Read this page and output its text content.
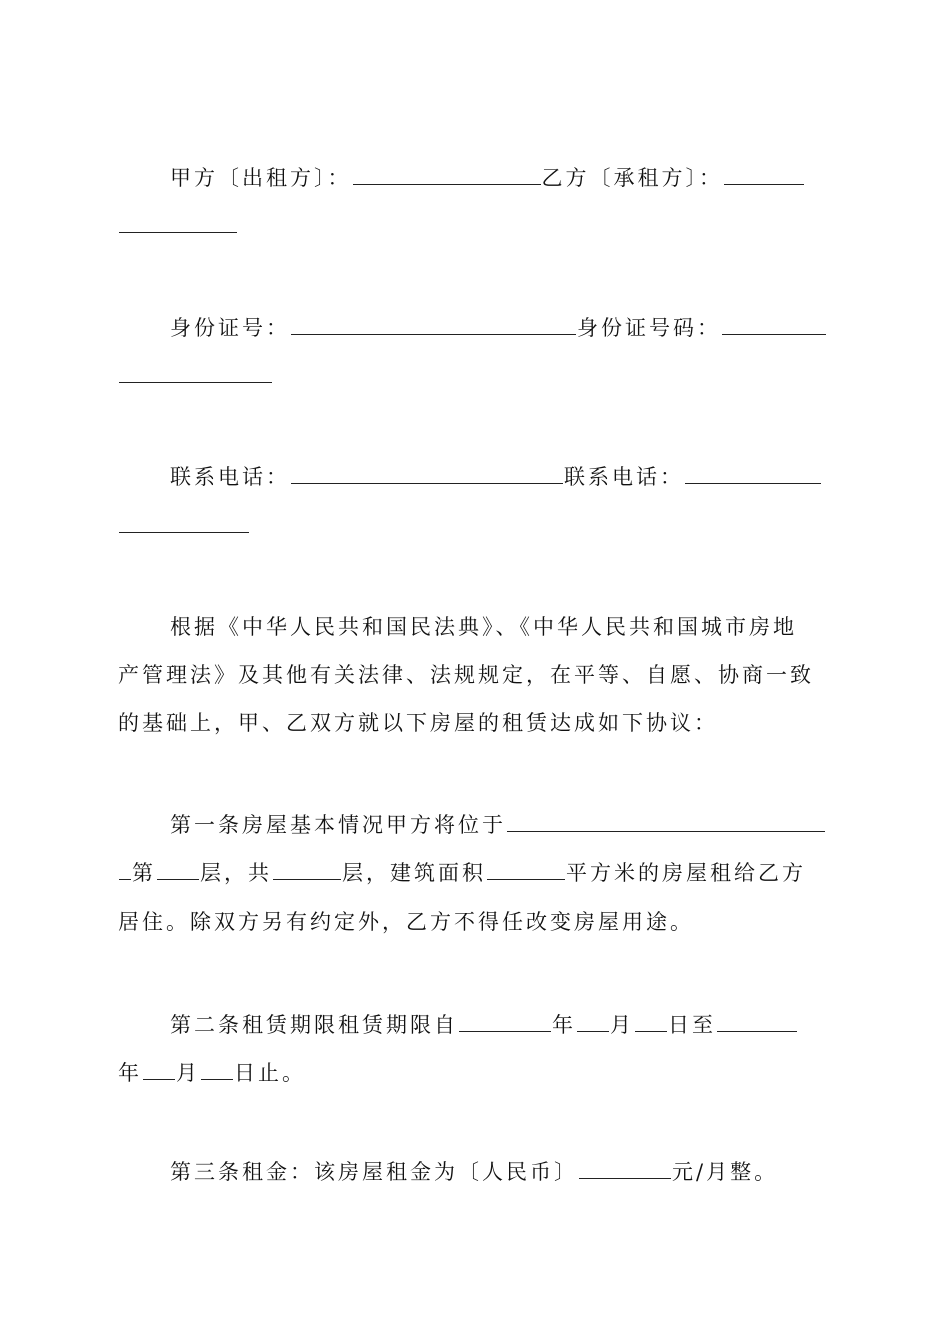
甲方〔出租方〕：	乙方〔承租方〕：
身份证号：	身份证号码：
联系电话：	联系电话：
根据《中华人民共和国民法典》、《中华人民共和国城市房地
产管理法》及其他有关法律、法规规定，在平等、自愿、协商一致
的基础上，甲、乙双方就以下房屋的租赁达成如下协议：
第一条房屋基本情况甲方将位于
第 层，共	层，建筑面积	平方米的房屋租给乙方
居住。除双方另有约定外，乙方不得任改变房屋用途。
第二条租赁期限租赁期限自	年 月 日至
年 月 日止。
第三条租金：该房屋租金为〔人民币〕	元/月整。
